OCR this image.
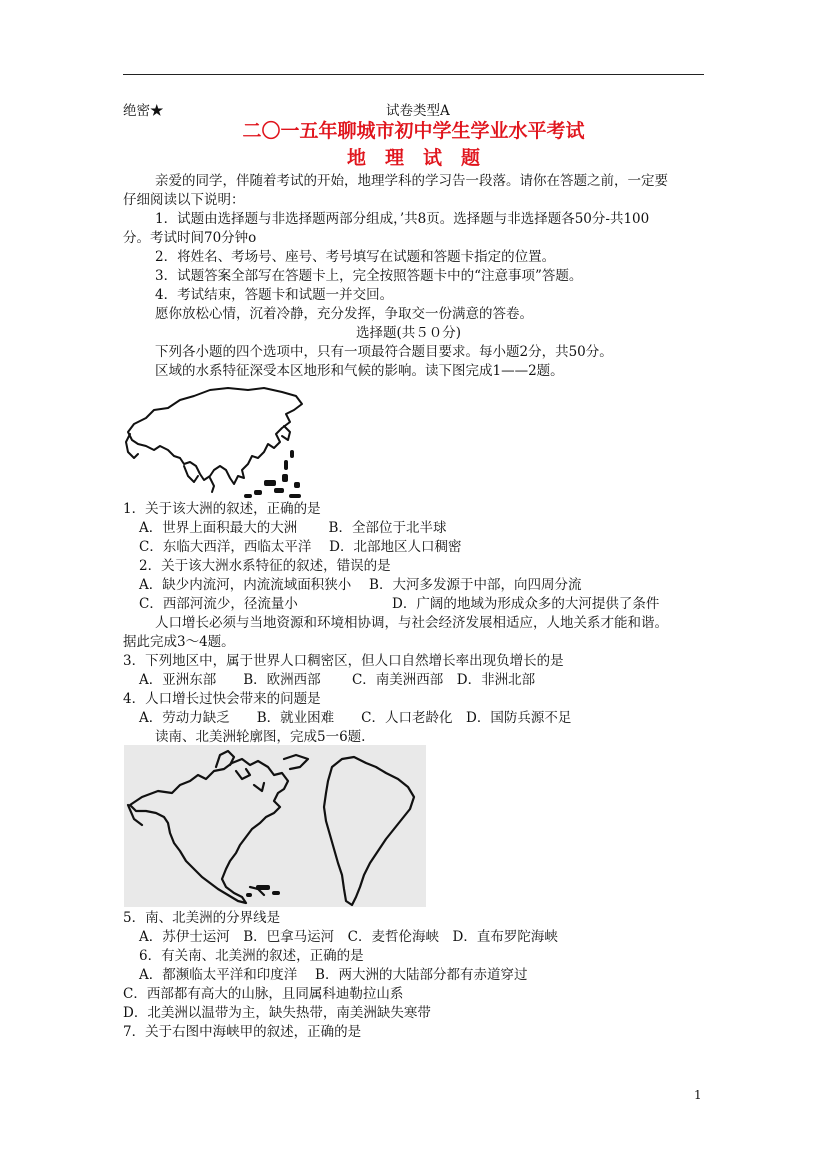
绝密★	试卷类型A
二〇一五年聊城市初中学生学业水平考试
地　理　试　题
亲爱的同学，伴随着考试的开始，地理学科的学习告一段落。请你在答题之前，一定要
仔细阅读以下说明：
1．试题由选择题与非选择题两部分组成，’共8页。选择题与非选择题各50分-共100
分。考试时间70分钟ο
2．将姓名、考场号、座号、考号填写在试题和答题卡指定的位置。
3．试题答案全部写在答题卡上，完全按照答题卡中的“注意事项”答题。
4．考试结束，答题卡和试题一并交回。
愿你放松心情，沉着冷静，充分发挥，争取交一份满意的答卷。
选择题(共５０分)
下列各小题的四个选项中，只有一项最符合题目要求。每小题2分，共50分。
区域的水系特征深受本区地形和气候的影响。读下图完成1——2题。
1．关于该大洲的叙述，正确的是
A．世界上面积最大的大洲　　 B．全部位于北半球
C．东临大西洋，西临太平洋　 D．北部地区人口稠密
2．关于该大洲水系特征的叙述，错误的是
A．缺少内流河，内流流域面积狭小　 B．大河多发源于中部，向四周分流
C．西部河流少，径流量小	D．广阔的地域为形成众多的大河提供了条件
人口增长必须与当地资源和环境相协调，与社会经济发展相适应，人地关系才能和谐。
据此完成3～4题。
3．下列地区中，属于世界人口稠密区，但人口自然增长率出现负增长的是
A．亚洲东部　　B．欧洲西部　　 C．南美洲西部　D．非洲北部
4．人口增长过快会带来的问题是
A．劳动力缺乏　　B．就业困难　　C．人口老龄化　D．国防兵源不足
读南、北美洲轮廓图，完成5一6题.
5．南、北美洲的分界线是
A．苏伊士运河　B．巴拿马运河　C．麦哲伦海峡　D．直布罗陀海峡
6．有关南、北美洲的叙述，正确的是
A．都濒临太平洋和印度洋　 B．两大洲的大陆部分都有赤道穿过
C．西部都有高大的山脉，且同属科迪勒拉山系
D．北美洲以温带为主，缺失热带，南美洲缺失寒带
7．关于右图中海峡甲的叙述，正确的是
1
